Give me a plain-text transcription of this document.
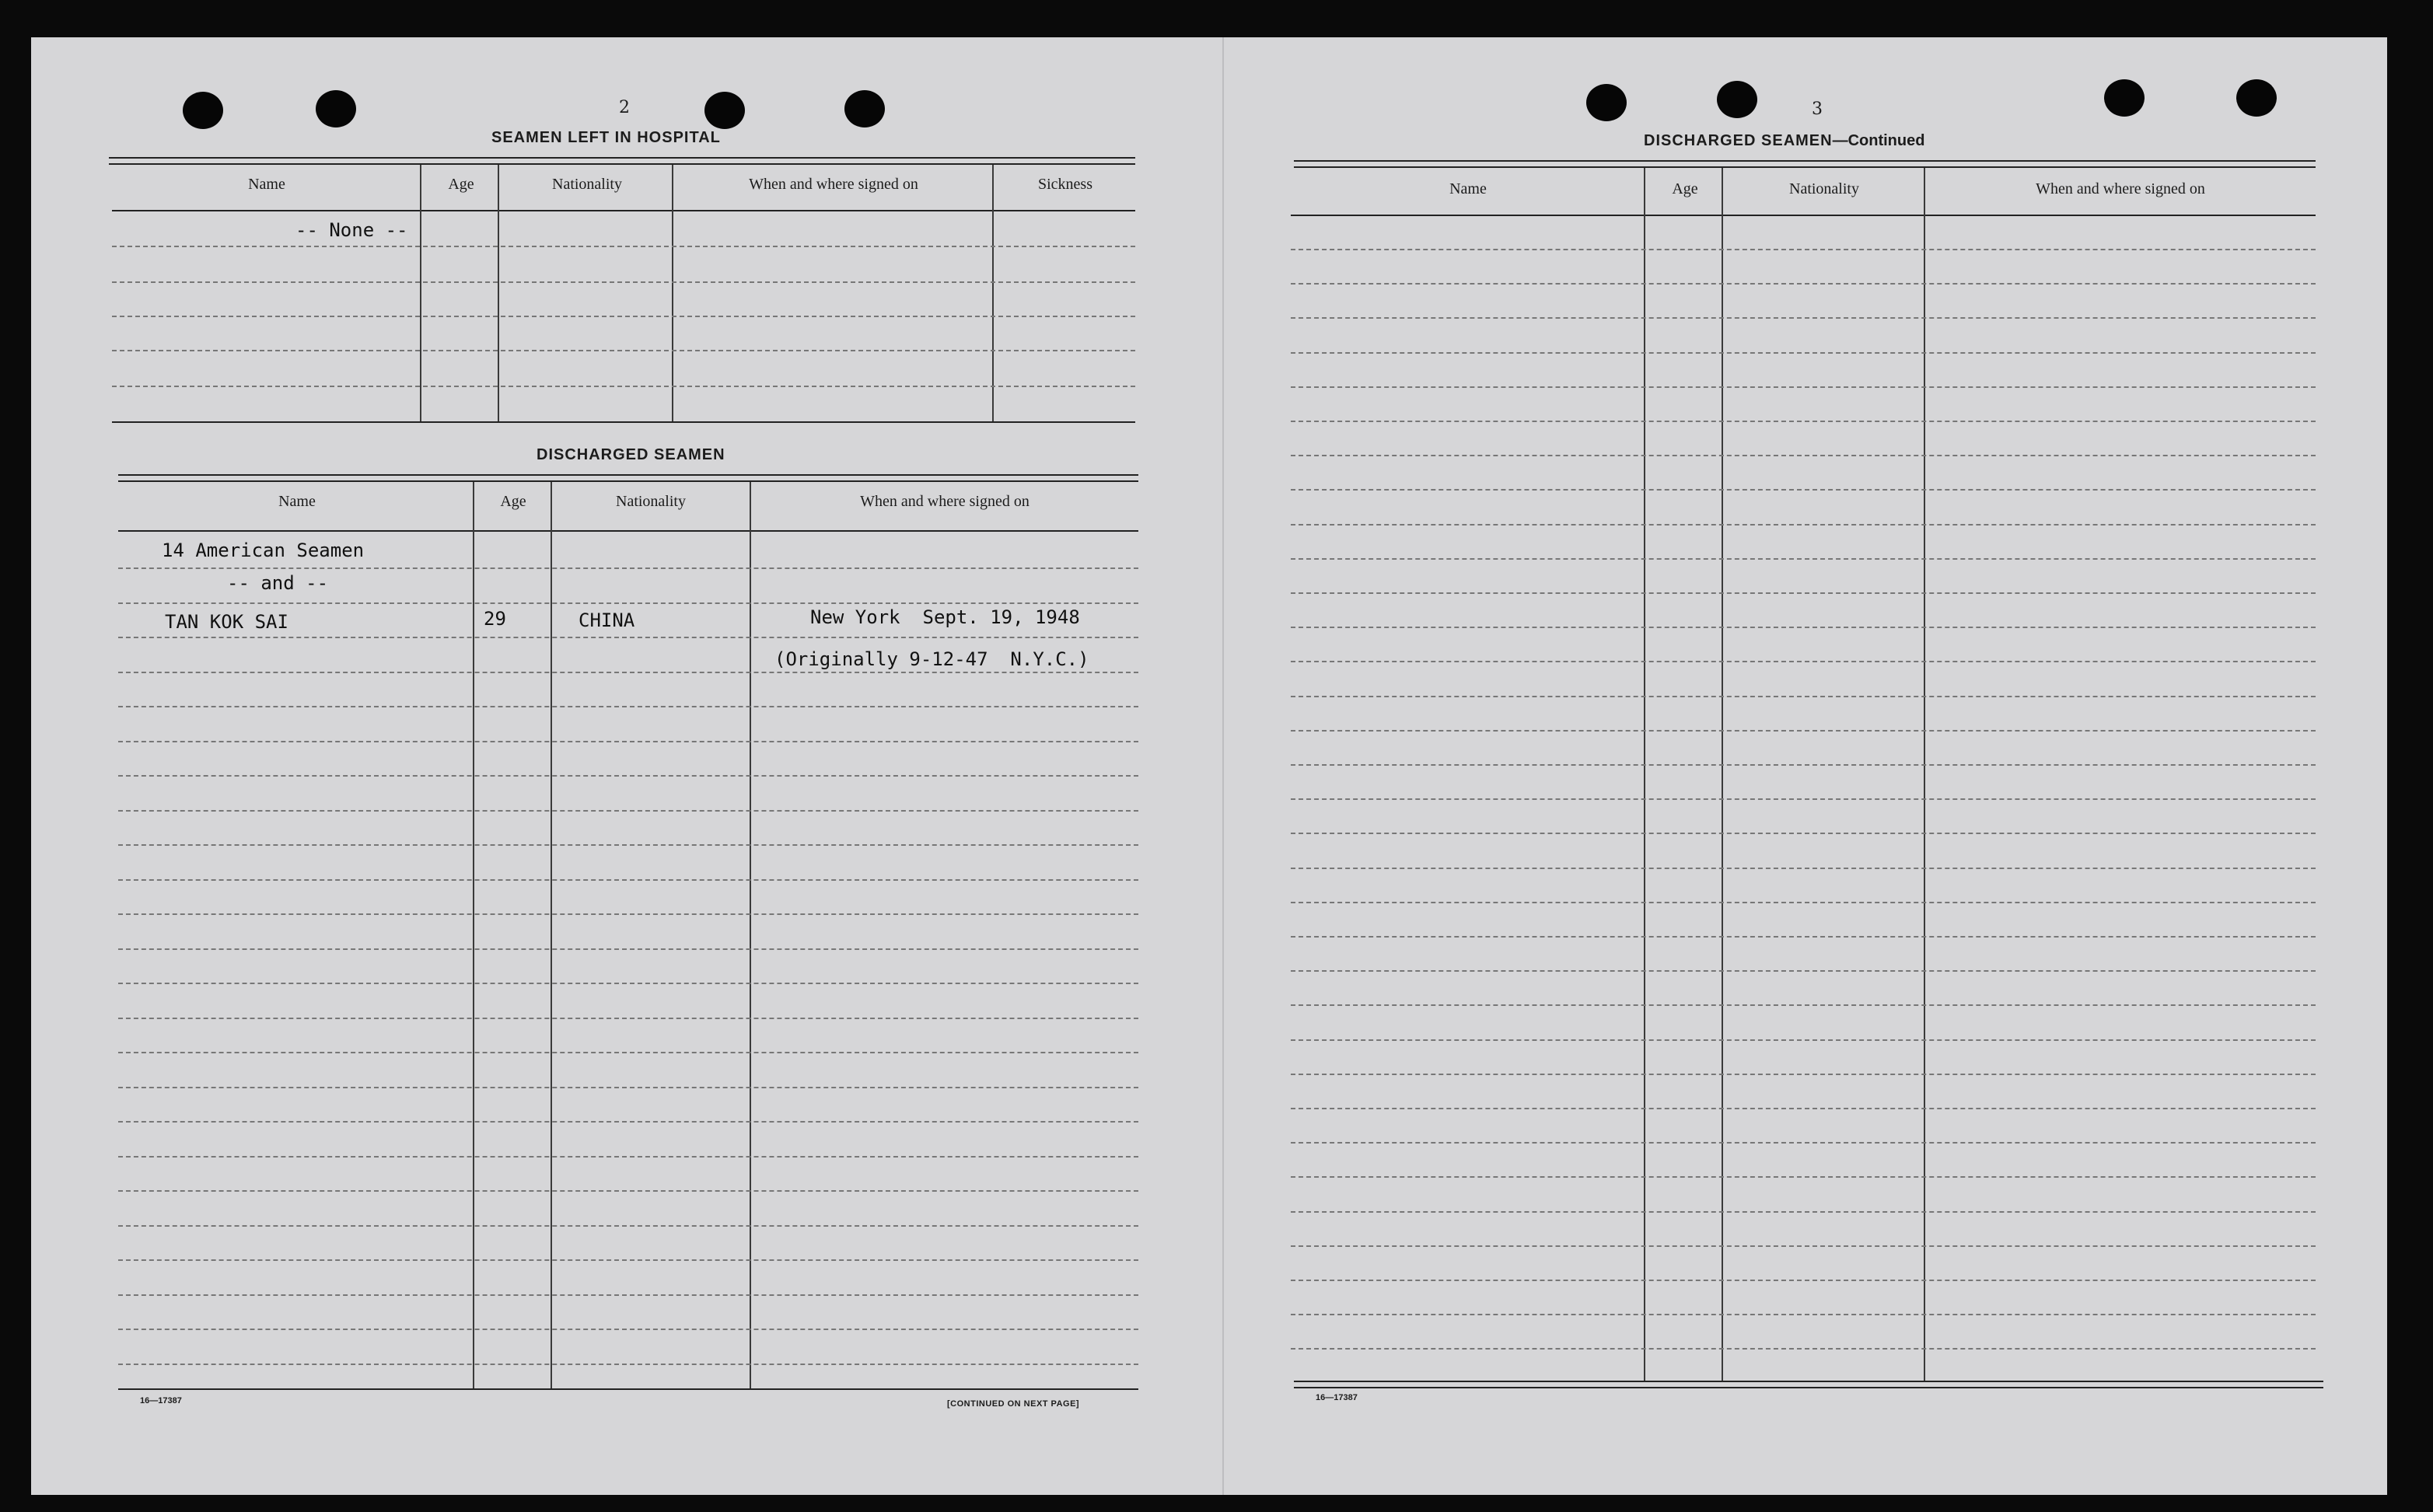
2
SEAMEN LEFT IN HOSPITAL
Name	Age	Nationality	When and where signed on	Sickness
-- None --
DISCHARGED SEAMEN
Name	Age	Nationality	When and where signed on
14 American Seamen
-- and --
TAN KOK SAI	29	CHINA	New York  Sept. 19, 1948
(Originally 9-12-47  N.Y.C.)
16—17387	[CONTINUED ON NEXT PAGE]
3
DISCHARGED SEAMEN—Continued
Name	Age	Nationality	When and where signed on
16—17387
